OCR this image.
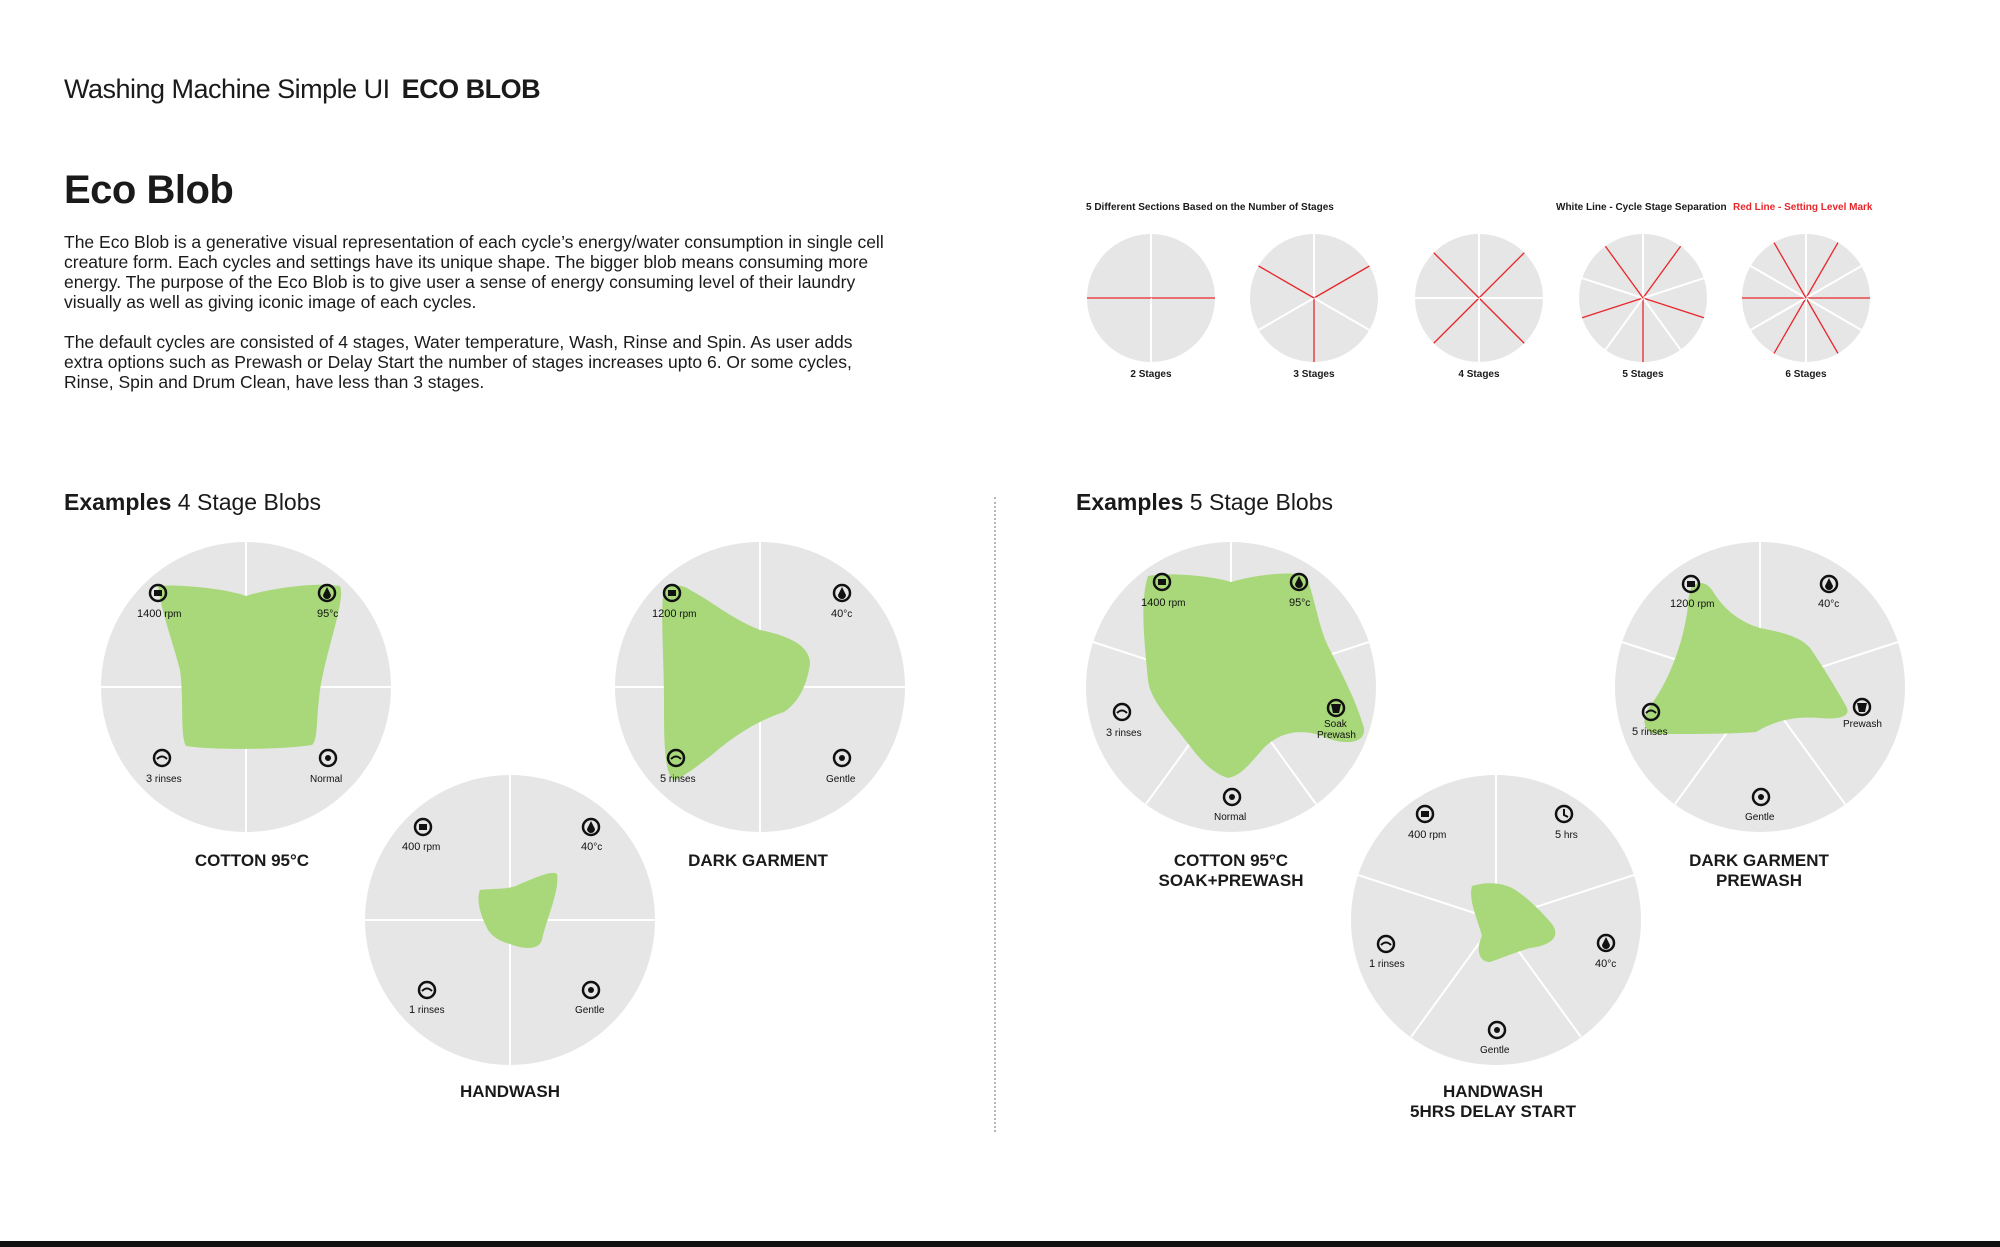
Washing Machine Simple UI ECO BLOB
Eco Blob

The Eco Blob is a generative visual representation of each cycle’s energy/water consumption in single cell creature form. Each cycles and settings have its unique shape. The bigger blob means consuming more energy. The purpose of the Eco Blob is to give user a sense of energy consuming level of their laundry visually as well as giving iconic image of each cycles.

The default cycles are consisted of 4 stages, Water temperature, Wash, Rinse and Spin. As user adds extra options such as Prewash or Delay Start the number of stages increases upto 6. Or some cycles, Rinse, Spin and Drum Clean, have less than 3 stages.

5 Different Sections Based on the Number of Stages	White Line - Cycle Stage Separation Red Line - Setting Level Mark
2 Stages	3 Stages	4 Stages	5 Stages	6 Stages
Examples 4 Stage Blobs	Examples 5 Stage Blobs
1400 rpm	95°c
Normal
3 rinses
400 rpm	40°c
Gentle
1 rinses
1200 rpm	40°c
Gentle
5 rinses
1400 rpm	95°c
Soak
Prewash
Normal
3 rinses
400 rpm	5 hrs
40°c
Gentle
1 rinses
1200 rpm	40°c
Prewash
Gentle
5 rinses
COTTON 95°C
HANDWASH
DARK GARMENT	COTTON 95°C
SOAK+PREWASH
HANDWASH
5HRS DELAY START
DARK GARMENT
PREWASH
